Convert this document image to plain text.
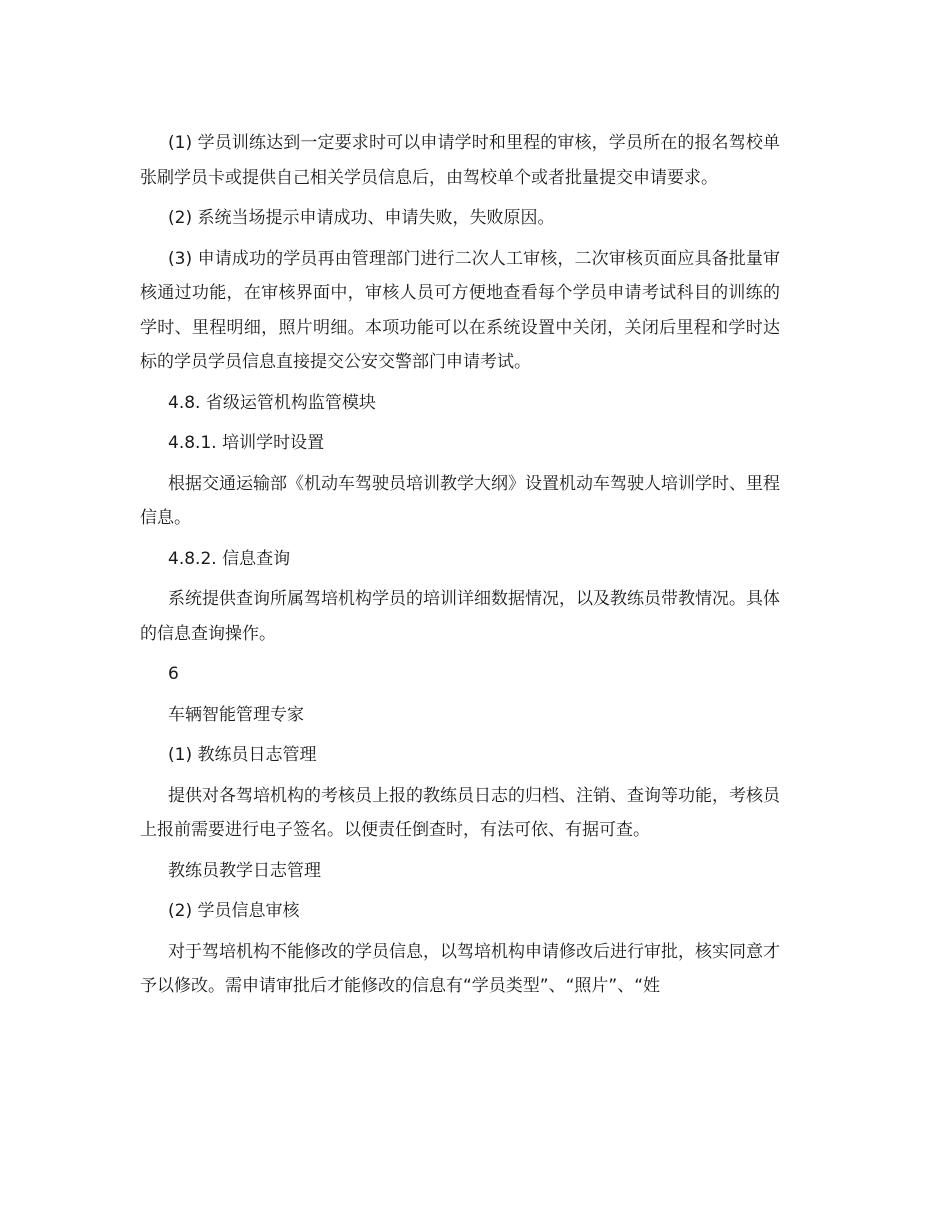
(1) 学员训练达到一定要求时可以申请学时和里程的审核，学员所在的报名驾校单张刷学员卡或提供自己相关学员信息后，由驾校单个或者批量提交申请要求。

(2) 系统当场提示申请成功、申请失败，失败原因。

(3) 申请成功的学员再由管理部门进行二次人工审核，二次审核页面应具备批量审核通过功能，在审核界面中，审核人员可方便地查看每个学员申请考试科目的训练的学时、里程明细，照片明细。本项功能可以在系统设置中关闭，关闭后里程和学时达标的学员学员信息直接提交公安交警部门申请考试。

4.8. 省级运管机构监管模块

4.8.1. 培训学时设置

根据交通运输部《机动车驾驶员培训教学大纲》设置机动车驾驶人培训学时、里程信息。

4.8.2. 信息查询

系统提供查询所属驾培机构学员的培训详细数据情况，以及教练员带教情况。具体的信息查询操作。

6

车辆智能管理专家

(1) 教练员日志管理

提供对各驾培机构的考核员上报的教练员日志的归档、注销、查询等功能，考核员上报前需要进行电子签名。以便责任倒查时，有法可依、有据可查。

教练员教学日志管理

(2) 学员信息审核

对于驾培机构不能修改的学员信息，以驾培机构申请修改后进行审批，核实同意才予以修改。需申请审批后才能修改的信息有“学员类型”、“照片”、“姓
